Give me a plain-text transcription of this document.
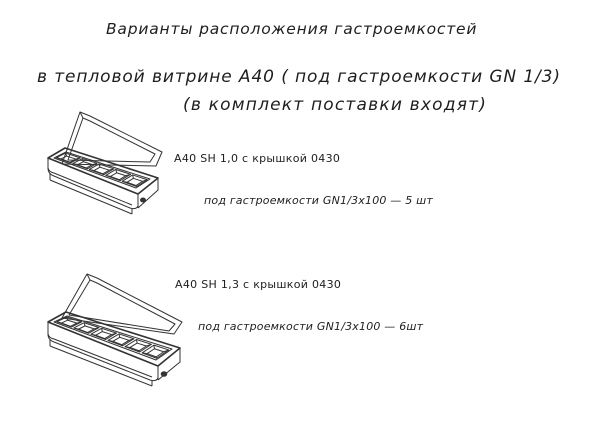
Варианты расположения гастроемкостей
в тепловой витрине A40 ( под гастроемкости GN 1/3)
(в комплект поставки входят)
A40 SH 1,0 с крышкой 0430
под гастроемкости GN1/3x100 — 5 шт
A40 SH 1,3 с крышкой 0430
под гастроемкости GN1/3x100 — 6шт
